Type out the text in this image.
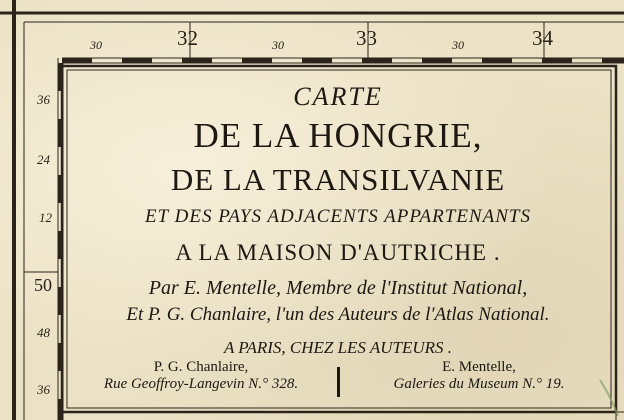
30	30	30
32	33	34
36
24
12
50
48
36
CARTE
DE LA HONGRIE,
DE LA TRANSILVANIE
ET DES PAYS ADJACENTS APPARTENANTS
A LA MAISON D'AUTRICHE .
Par E. Mentelle, Membre de l'Institut National,
Et P. G. Chanlaire, l'un des Auteurs de l'Atlas National.
A PARIS, CHEZ LES AUTEURS .
P. G. Chanlaire,
Rue Geoffroy-Langevin N.° 328.
E. Mentelle,
Galeries du Museum N.° 19.
